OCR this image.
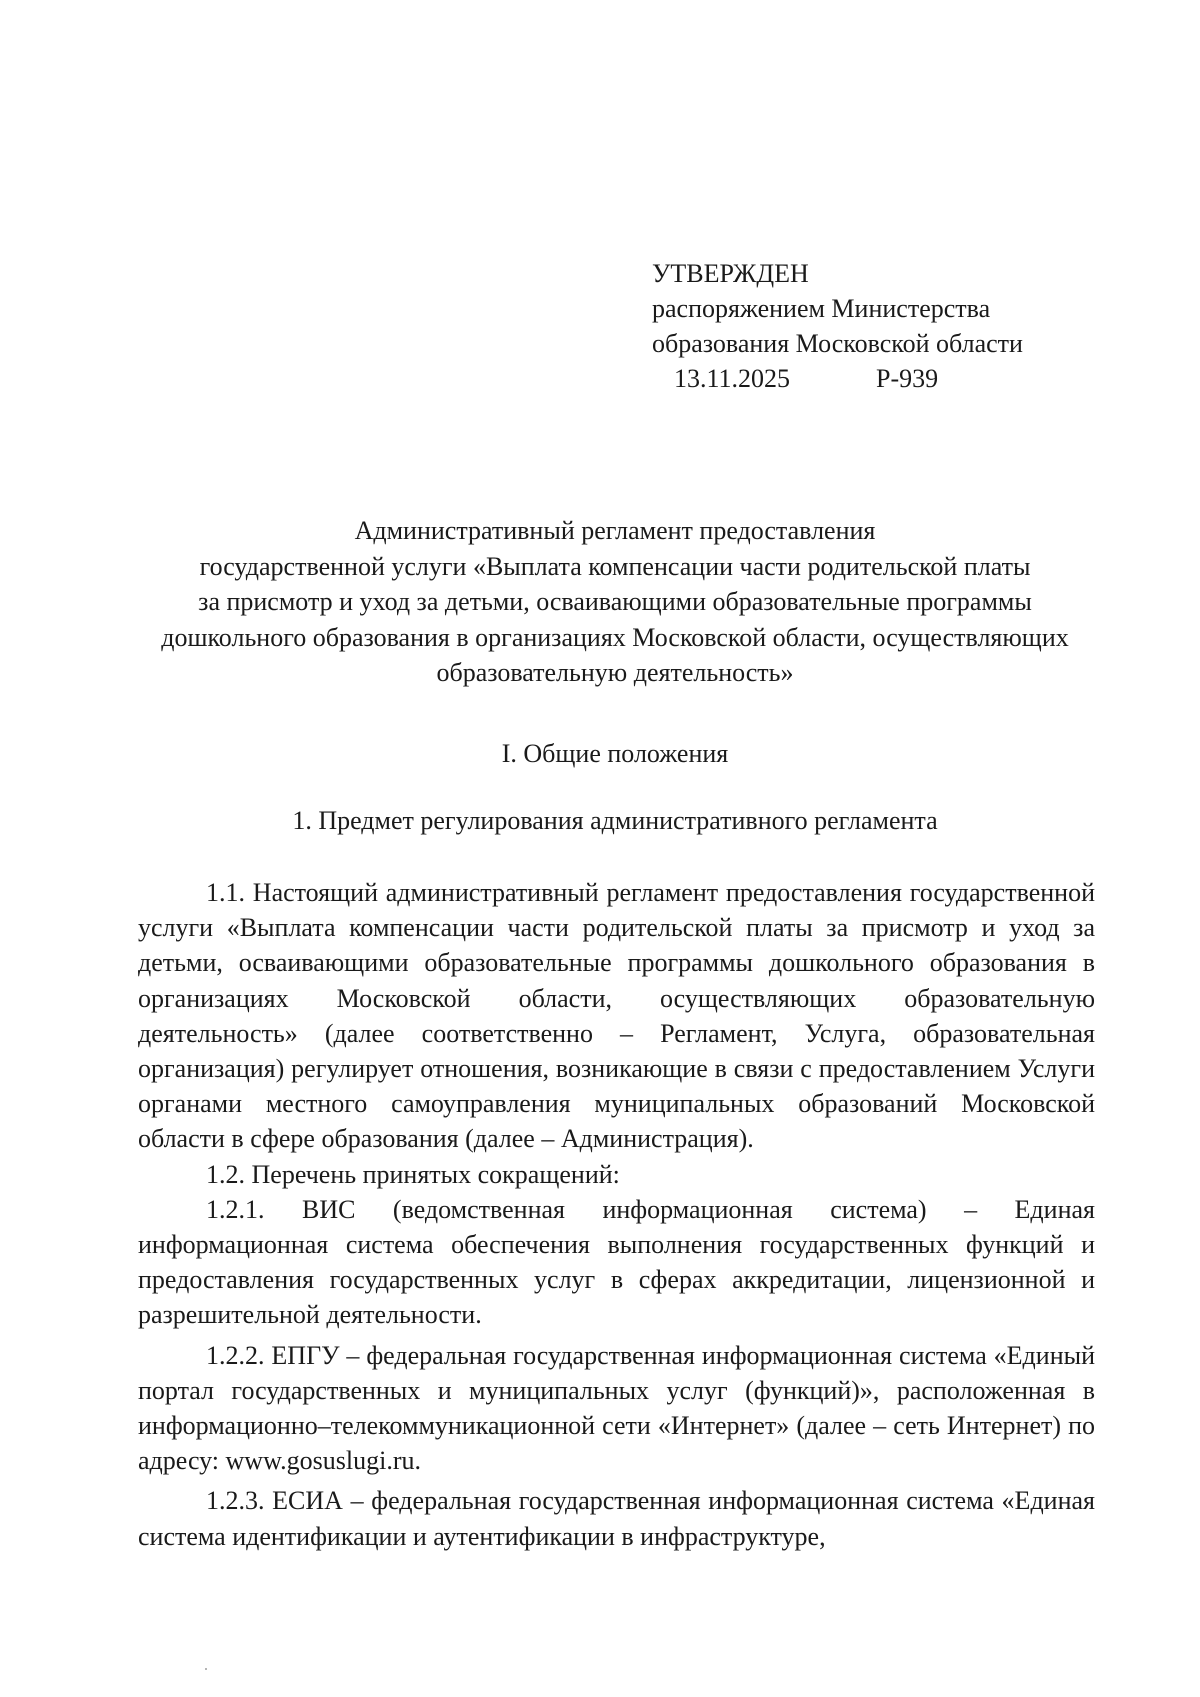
УТВЕРЖДЕН
распоряжением Министерства
образования Московской области
13.11.2025	Р-939
Административный регламент предоставления
государственной услуги «Выплата компенсации части родительской платы
за присмотр и уход за детьми, осваивающими образовательные программы
дошкольного образования в организациях Московской области, осуществляющих
образовательную деятельность»
I. Общие положения
1. Предмет регулирования административного регламента

1.1. Настоящий административный регламент предоставления государственной услуги «Выплата компенсации части родительской платы за присмотр и уход за детьми, осваивающими образовательные программы дошкольного образования в организациях Московской области, осуществляющих образовательную деятельность» (далее соответственно – Регламент, Услуга, образовательная организация) регулирует отношения, возникающие в связи с предоставлением Услуги органами местного самоуправления муниципальных образований Московской области в сфере образования (далее – Администрация).

1.2. Перечень принятых сокращений:

1.2.1. ВИС (ведомственная информационная система) – Единая информационная система обеспечения выполнения государственных функций и предоставления государственных услуг в сферах аккредитации, лицензионной и разрешительной деятельности.

1.2.2. ЕПГУ – федеральная государственная информационная система «Единый портал государственных и муниципальных услуг (функций)», расположенная в информационно–телекоммуникационной сети «Интернет» (далее – сеть Интернет) по адресу: www.gosuslugi.ru.

1.2.3. ЕСИА – федеральная государственная информационная система «Единая система идентификации и аутентификации в инфраструктуре,
